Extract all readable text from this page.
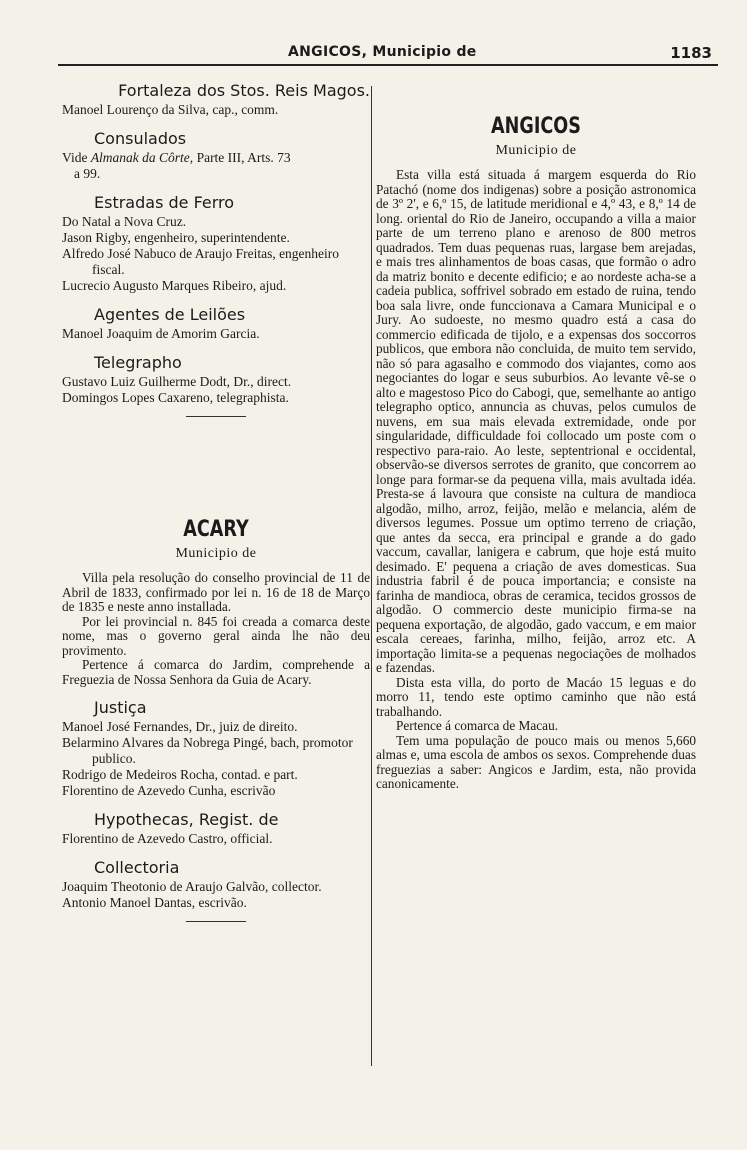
ANGICOS, Municipio de	1183

Fortaleza dos Stos. Reis Magos.

Manoel Lourenço da Silva, cap., comm.

Consulados

Vide Almanak da Côrte, Parte III, Arts. 73

a 99.

Estradas de Ferro

Do Natal a Nova Cruz.

Jason Rigby, engenheiro, superintendente.

Alfredo José Nabuco de Araujo Freitas, engenheiro fiscal.

Lucrecio Augusto Marques Ribeiro, ajud.

Agentes de Leilões

Manoel Joaquim de Amorim Garcia.

Telegrapho

Gustavo Luiz Guilherme Dodt, Dr., direct.

Domingos Lopes Caxareno, telegraphista.

ACARY

Municipio de

Villa pela resolução do conselho provincial de 11 de Abril de 1833, confirmado por lei n. 16 de 18 de Março de 1835 e neste anno installada.

Por lei provincial n. 845 foi creada a comarca deste nome, mas o governo geral ainda lhe não deu provimento.

Pertence á comarca do Jardim, comprehende a Freguezia de Nossa Senhora da Guia de Acary.

Justiça

Manoel José Fernandes, Dr., juiz de direito.

Belarmino Alvares da Nobrega Pingé, bach, promotor publico.

Rodrigo de Medeiros Rocha, contad. e part.

Florentino de Azevedo Cunha, escrivão

Hypothecas, Regist. de

Florentino de Azevedo Castro, official.

Collectoria

Joaquim Theotonio de Araujo Galvão, collector.

Antonio Manoel Dantas, escrivão.

ANGICOS

Municipio de

Esta villa está situada á margem esquerda do Rio Patachó (nome dos indigenas) sobre a posição astronomica de 3º 2', e 6,º 15, de latitude meridional e 4,º 43, e 8,º 14 de long. oriental do Rio de Janeiro, occupando a villa a maior parte de um terreno plano e arenoso de 800 metros quadrados. Tem duas pequenas ruas, largase bem arejadas, e mais tres alinhamentos de boas casas, que formão o adro da matriz bonito e decente edificio; e ao nordeste acha-se a cadeia publica, soffrivel sobrado em estado de ruina, tendo boa sala livre, onde funccionava a Camara Municipal e o Jury. Ao sudoeste, no mesmo quadro está a casa do commercio edificada de tijolo, e a expensas dos soccorros publicos, que embora não concluida, de muito tem servido, não só para agasalho e commodo dos viajantes, como aos negociantes do logar e seus suburbios. Ao levante vê-se o alto e magestoso Pico do Cabogi, que, semelhante ao antigo telegrapho optico, annuncia as chuvas, pelos cumulos de nuvens, em sua mais elevada extremidade, onde por singularidade, difficuldade foi collocado um poste com o respectivo para-raio. Ao leste, septentrional e occidental, observão-se diversos serrotes de granito, que concorrem ao longe para formar-se da pequena villa, mais avultada idéa. Presta-se á lavoura que consiste na cultura de mandioca algodão, milho, arroz, feijão, melão e melancia, além de diversos legumes. Possue um optimo terreno de criação, que antes da secca, era principal e grande a do gado vaccum, cavallar, lanigera e cabrum, que hoje está muito desimado. E' pequena a criação de aves domesticas. Sua industria fabril é de pouca importancia; e consiste na farinha de mandioca, obras de ceramica, tecidos grossos de algodão. O commercio deste municipio firma-se na pequena exportação, de algodão, gado vaccum, e em maior escala cereaes, farinha, milho, feijão, arroz etc. A importação limita-se a pequenas negociações de molhados e fazendas.

Dista esta villa, do porto de Macáo 15 leguas e do morro 11, tendo este optimo caminho que não está trabalhando.

Pertence á comarca de Macau.

Tem uma população de pouco mais ou menos 5,660 almas e, uma escola de ambos os sexos. Comprehende duas freguezias a saber: Angicos e Jardim, esta, não provida canonicamente.
